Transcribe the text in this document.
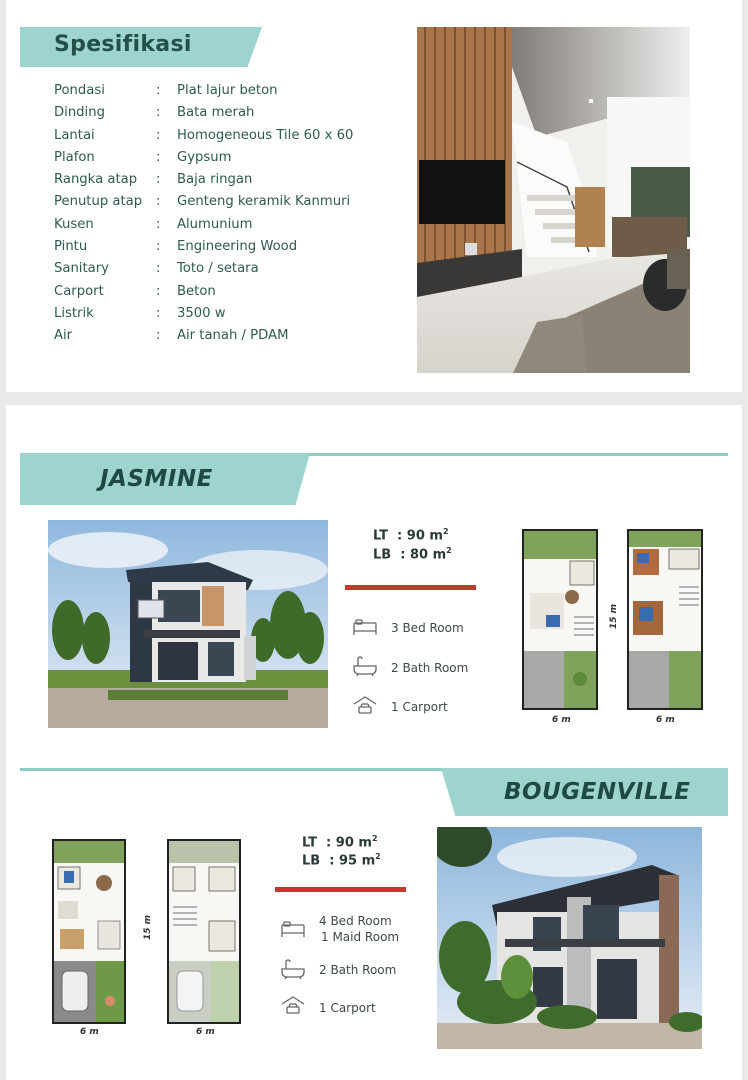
Spesifikasi
Pondasi	: Plat lajur beton
Dinding	: Bata merah
Lantai	: Homogeneous Tile 60 x 60
Plafon	: Gypsum
Rangka atap : Baja ringan
Penutup atap : Genteng keramik Kanmuri
Kusen	: Alumunium
Pintu	: Engineering Wood
Sanitary	: Toto / setara
Carport	: Beton
Listrik	: 3500 w
Air	: Air tanah / PDAM
JASMINE
LT  : 90 $m^2$
LB  : 80 $m^2$
3 Bed Room
2 Bath Room
1 Carport
6 m	6 m
15 m
BOUGENVILLE
6 m	6 m
15 m
LT  : 90 $m^2$
LB  : 95 $m^2$
4 Bed Room
1 Maid Room
2 Bath Room
1 Carport
